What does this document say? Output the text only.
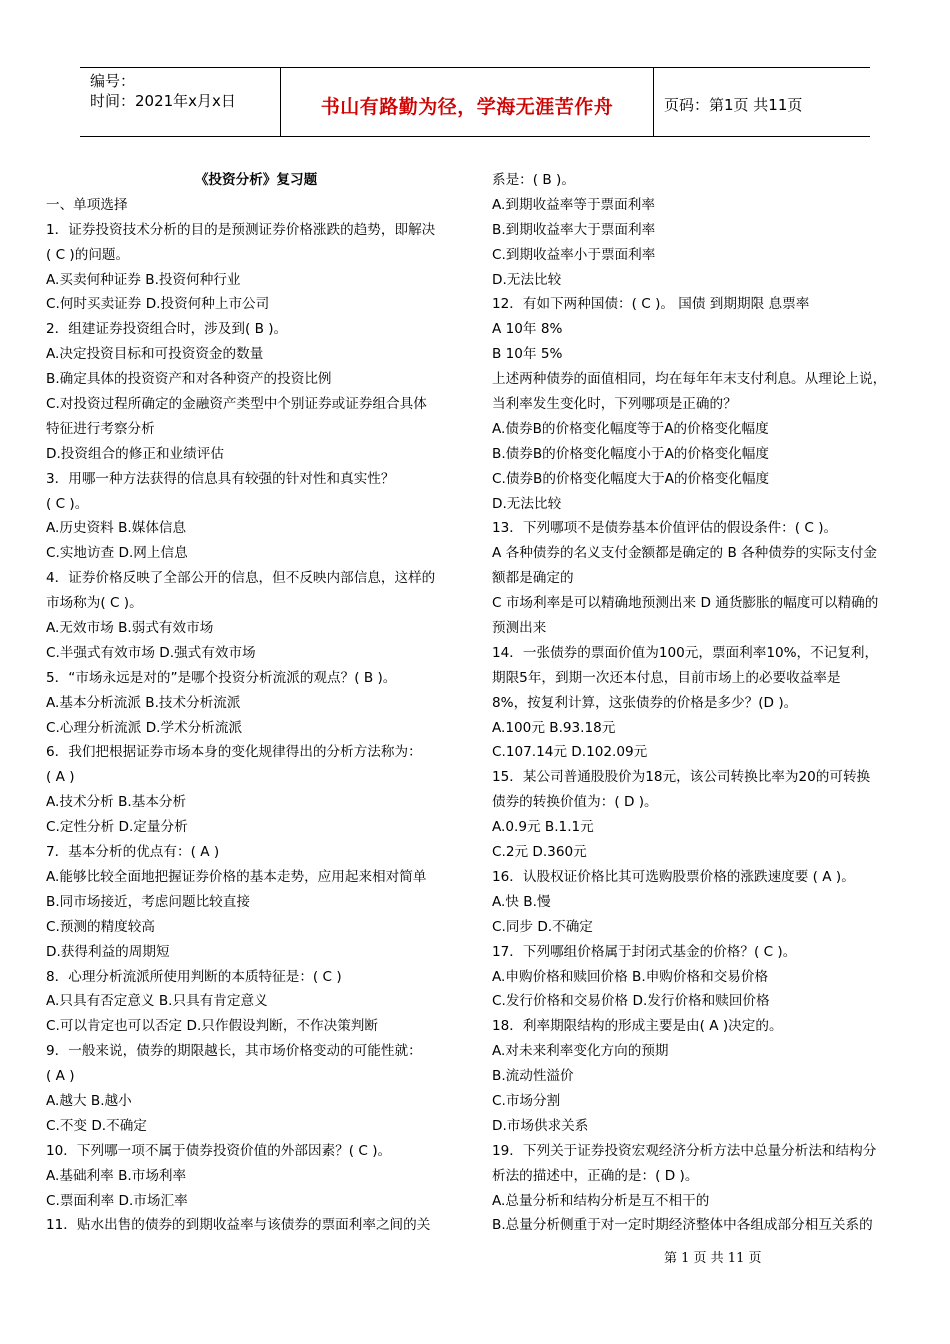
编号：
时间：2021年x月x日	书山有路勤为径，学海无涯苦作舟	页码：第1页 共11页
《投资分析》复习题
一、单项选择
1．证券投资技术分析的目的是预测证券价格涨跌的趋势，即解决
( C )的问题。
A.买卖何种证券 B.投资何种行业
C.何时买卖证券 D.投资何种上市公司
2．组建证券投资组合时，涉及到( B )。
A.决定投资目标和可投资资金的数量
B.确定具体的投资资产和对各种资产的投资比例
C.对投资过程所确定的金融资产类型中个别证券或证券组合具体
特征进行考察分析
D.投资组合的修正和业绩评估
3．用哪一种方法获得的信息具有较强的针对性和真实性？
( C )。
A.历史资料 B.媒体信息
C.实地访查 D.网上信息
4．证券价格反映了全部公开的信息，但不反映内部信息，这样的
市场称为( C )。
A.无效市场 B.弱式有效市场
C.半强式有效市场 D.强式有效市场
5．“市场永远是对的”是哪个投资分析流派的观点？( B )。
A.基本分析流派 B.技术分析流派
C.心理分析流派 D.学术分析流派
6．我们把根据证券市场本身的变化规律得出的分析方法称为：
( A )
A.技术分析 B.基本分析
C.定性分析 D.定量分析
7．基本分析的优点有：( A )
A.能够比较全面地把握证券价格的基本走势，应用起来相对简单
B.同市场接近，考虑问题比较直接
C.预测的精度较高
D.获得利益的周期短
8．心理分析流派所使用判断的本质特征是：( C )
A.只具有否定意义 B.只具有肯定意义
C.可以肯定也可以否定 D.只作假设判断，不作决策判断
9．一般来说，债券的期限越长，其市场价格变动的可能性就：
( A )
A.越大 B.越小
C.不变 D.不确定
10．下列哪一项不属于债券投资价值的外部因素？( C )。
A.基础利率 B.市场利率
C.票面利率 D.市场汇率
11．贴水出售的债券的到期收益率与该债券的票面利率之间的关
系是：( B )。
A.到期收益率等于票面利率
B.到期收益率大于票面利率
C.到期收益率小于票面利率
D.无法比较
12．有如下两种国债：( C )。 国债 到期期限 息票率
A 10年 8%
B 10年 5%
上述两种债券的面值相同，均在每年年末支付利息。从理论上说，
当利率发生变化时，下列哪项是正确的？
A.债券B的价格变化幅度等于A的价格变化幅度
B.债券B的价格变化幅度小于A的价格变化幅度
C.债券B的价格变化幅度大于A的价格变化幅度
D.无法比较
13．下列哪项不是债券基本价值评估的假设条件：( C )。
A 各种债券的名义支付金额都是确定的 B 各种债券的实际支付金
额都是确定的
C 市场利率是可以精确地预测出来 D 通货膨胀的幅度可以精确的
预测出来
14．一张债券的票面价值为100元，票面利率10%，不记复利，
期限5年，到期一次还本付息，目前市场上的必要收益率是
8%，按复利计算，这张债券的价格是多少？(D )。
A.100元 B.93.18元
C.107.14元 D.102.09元
15．某公司普通股股价为18元，该公司转换比率为20的可转换
债券的转换价值为：( D )。
A.0.9元 B.1.1元
C.2元 D.360元
16．认股权证价格比其可选购股票价格的涨跌速度要 ( A )。
A.快 B.慢
C.同步 D.不确定
17．下列哪组价格属于封闭式基金的价格？( C )。
A.申购价格和赎回价格 B.申购价格和交易价格
C.发行价格和交易价格 D.发行价格和赎回价格
18．利率期限结构的形成主要是由( A )决定的。
A.对未来利率变化方向的预期
B.流动性溢价
C.市场分割
D.市场供求关系
19．下列关于证券投资宏观经济分析方法中总量分析法和结构分
析法的描述中，正确的是：( D )。
A.总量分析和结构分析是互不相干的
B.总量分析侧重于对一定时期经济整体中各组成部分相互关系的
第 1 页 共 11 页
